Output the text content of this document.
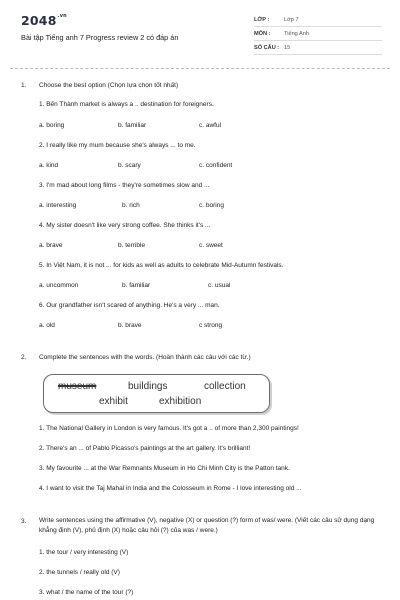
$2048^{.vn}$
Bài tập Tiếng anh 7 Progress review 2 có đáp án
LỚP :	Lớp 7
MÔN : Tiếng Anh
SỐ CÂU : 15
1. Choose the best option (Chọn lựa chọn tốt nhất)
1. Bến Thành market is always a .. destination for foreigners.
a. boring	b. familiar	c. awful
2. I really like my mum because she's always ... to me.
a. kind	b. scary	c. confident
3. I'm mad about long films - they're sometimes slow and ...
a. interesting	b. rich	c. boring
4. My sister doesn't like very strong coffee. She thinks it's ...
a. brave	b. terrible	c. sweet
5. In Việt Nam, it is not ... for kids as well as adults to celebrate Mid-Autumn festivals.
a. uncommon	b. familiar	c. usual
6. Our grandfather isn't scared of anything. He's a very ... man.
a. old	b. brave	c strong
2. Complete the sentences with the words. (Hoàn thành các câu với các từ.)
museum	buildings	collection
exhibit	exhibition
1. The National Gallery in London is very famous. It's got a .. of more than 2,300 paintings!
2. There's an ... of Pablo Picasso's paintings at the art gallery. It's brilliant!
3. My favourite ... at the War Remnants Museum in Ho Chi Minh City is the Patton tank.
4. I want to visit the Taj Mahal in India and the Colosseum in Rome - I love interesting old ...
3. Write sentences using the affirmative (V), negative (X) or question (?) form of was/ were. (Viết các câu sử dụng dạng khẳng định (V), phủ định (X) hoặc câu hỏi (?) của was / were.)
1. the tour / very interesting (V)
2. the tunnels / really old (V)
3. what / the name of the tour (?)
